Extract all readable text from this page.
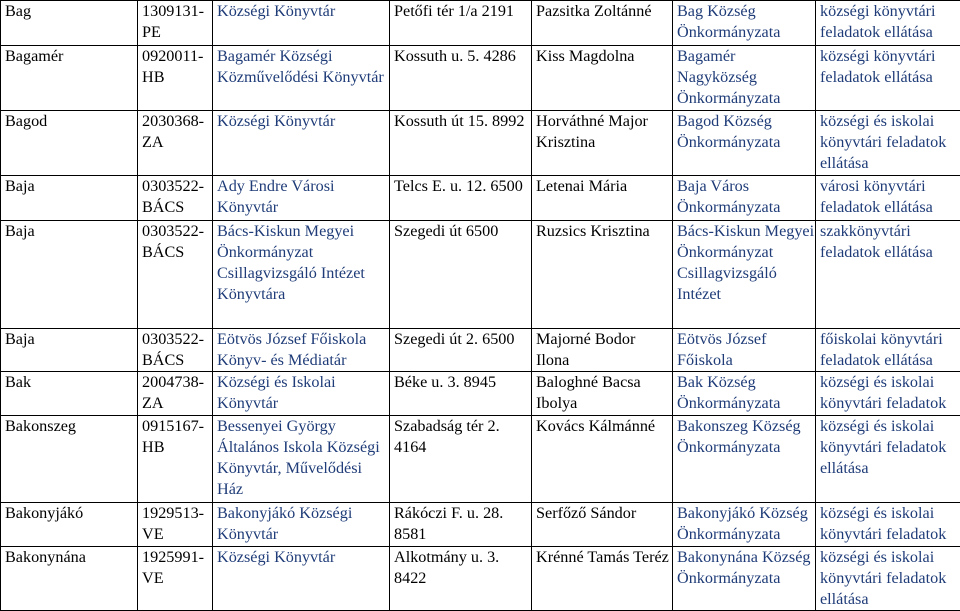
Bag	1309131-PE	Községi Könyvtár	Petőfi tér 1/a 2191	Pazsitka Zoltánné	Bag Község Önkormányzata	községi könyvtári feladatok ellátása
Bagamér	0920011-HB	Bagamér Községi Közművelődési Könyvtár	Kossuth u. 5. 4286	Kiss Magdolna	Bagamér Nagyközség Önkormányzata	községi könyvtári feladatok ellátása
Bagod	2030368-ZA	Községi Könyvtár	Kossuth út 15. 8992	Horváthné Major Krisztina	Bagod Község Önkormányzata	községi és iskolai könyvtári feladatok ellátása
Baja	0303522-BÁCS	Ady Endre Városi Könyvtár	Telcs E. u. 12. 6500	Letenai Mária	Baja Város Önkormányzata	városi könyvtári feladatok ellátása
Baja	0303522-BÁCS	Bács-Kiskun Megyei Önkormányzat Csillagvizsgáló Intézet Könyvtára	Szegedi út 6500	Ruzsics Krisztina	Bács-Kiskun Megyei Önkormányzat Csillagvizsgáló Intézet	szakkönyvtári feladatok ellátása
Baja	0303522-BÁCS	Eötvös József Főiskola Könyv- és Médiatár	Szegedi út 2. 6500	Majorné Bodor Ilona	Eötvös József Főiskola	főiskolai könyvtári feladatok ellátása
Bak	2004738-ZA	Községi és Iskolai Könyvtár	Béke u. 3. 8945	Baloghné Bacsa Ibolya	Bak Község Önkormányzata	községi és iskolai könyvtári feladatok
Bakonszeg	0915167-HB	Bessenyei György Általános Iskola Községi Könyvtár, Művelődési Ház	Szabadság tér 2. 4164	Kovács Kálmánné	Bakonszeg Község Önkormányzata	községi és iskolai könyvtári feladatok ellátása
Bakonyjákó	1929513-VE	Bakonyjákó Községi Könyvtár	Rákóczi F. u. 28. 8581	Serfőző Sándor	Bakonyjákó Község Önkormányzata	községi és iskolai könyvtári feladatok
Bakonynána	1925991-VE	Községi Könyvtár	Alkotmány u. 3. 8422	Krénné Tamás Teréz	Bakonynána Község Önkormányzata	községi és iskolai könyvtári feladatok ellátása
